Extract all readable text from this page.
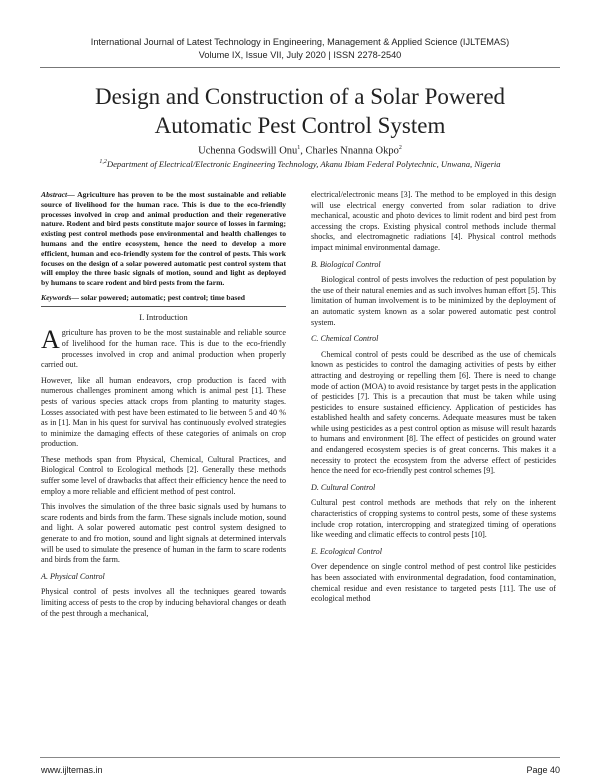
International Journal of Latest Technology in Engineering, Management & Applied Science (IJLTEMAS)
Volume IX, Issue VII, July 2020 | ISSN 2278-2540
Design and Construction of a Solar Powered
Automatic Pest Control System
Uchenna Godswill Onu$^1$, Charles Nnanna Okpo$^2$
$^{1,2}$Department of Electrical/Electronic Engineering Technology, Akanu Ibiam Federal Polytechnic, Unwana, Nigeria

Abstract— Agriculture has proven to be the most sustainable and reliable source of livelihood for the human race. This is due to the eco-friendly processes involved in crop and animal production and their regenerative nature. Rodent and bird pests constitute major source of losses in farming; existing pest control methods pose environmental and health challenges to humans and the entire ecosystem, hence the need to develop a more efficient, human and eco-friendly system for the control of pests. This work focuses on the design of a solar powered automatic pest control system that will employ the three basic signals of motion, sound and light as deployed by humans to scare rodent and bird pests from the farm.

Keywords— solar powered; automatic; pest control; time based

I. Introduction

Agriculture has proven to be the most sustainable and reliable source of livelihood for the human race. This is due to the eco-friendly processes involved in crop and animal production when properly carried out.

However, like all human endeavors, crop production is faced with numerous challenges prominent among which is animal pest [1]. These pests of various species attack crops from planting to maturity stages. Losses associated with pest have been estimated to lie between 5 and 40 % as in [1]. Man in his quest for survival has continuously evolved strategies to minimize the damaging effects of these categories of animals on crop production.

These methods span from Physical, Chemical, Cultural Practices, and Biological Control to Ecological methods [2]. Generally these methods suffer some level of drawbacks that affect their efficiency hence the need to employ a more reliable and efficient method of pest control.

This involves the simulation of the three basic signals used by humans to scare rodents and birds from the farm. These signals include motion, sound and light. A solar powered automatic pest control system designed to generate to and fro motion, sound and light signals at determined intervals will be used to simulate the presence of human in the farm to scare rodents and birds from the farm.

A. Physical Control

Physical control of pests involves all the techniques geared towards limiting access of pests to the crop by inducing behavioral changes or death of the pest through a mechanical,

electrical/electronic means [3]. The method to be employed in this design will use electrical energy converted from solar radiation to drive mechanical, acoustic and photo devices to limit rodent and bird pest from accessing the crops. Existing physical control methods include thermal shocks, and electromagnetic radiations [4]. Physical control methods impact minimal environmental damage.

B. Biological Control

Biological control of pests involves the reduction of pest population by the use of their natural enemies and as such involves human effort [5]. This limitation of human involvement is to be minimized by the deployment of an automatic system known as a solar powered automatic pest control system.

C. Chemical Control

Chemical control of pests could be described as the use of chemicals known as pesticides to control the damaging activities of pests by either attracting and destroying or repelling them [6]. There is need to change mode of action (MOA) to avoid resistance by target pests in the application of pesticides [7]. This is a precaution that must be taken while using pesticides to ensure sustained efficiency. Application of pesticides has established health and safety concerns. Adequate measures must be taken while using pesticides as a pest control option as misuse will result hazards to humans and environment [8]. The effect of pesticides on ground water and endangered ecosystem species is of great concerns. This makes it a necessity to protect the ecosystem from the adverse effect of pesticides hence the need for eco-friendly pest control schemes [9].

D. Cultural Control

Cultural pest control methods are methods that rely on the inherent characteristics of cropping systems to control pests, some of these systems include crop rotation, intercropping and strategized timing of operations like weeding and climatic effects to control pests [10].

E. Ecological Control

Over dependence on single control method of pest control like pesticides has been associated with environmental degradation, food contamination, chemical residue and even resistance to targeted pests [11]. The use of ecological method

www.ijltemas.in	Page 40
